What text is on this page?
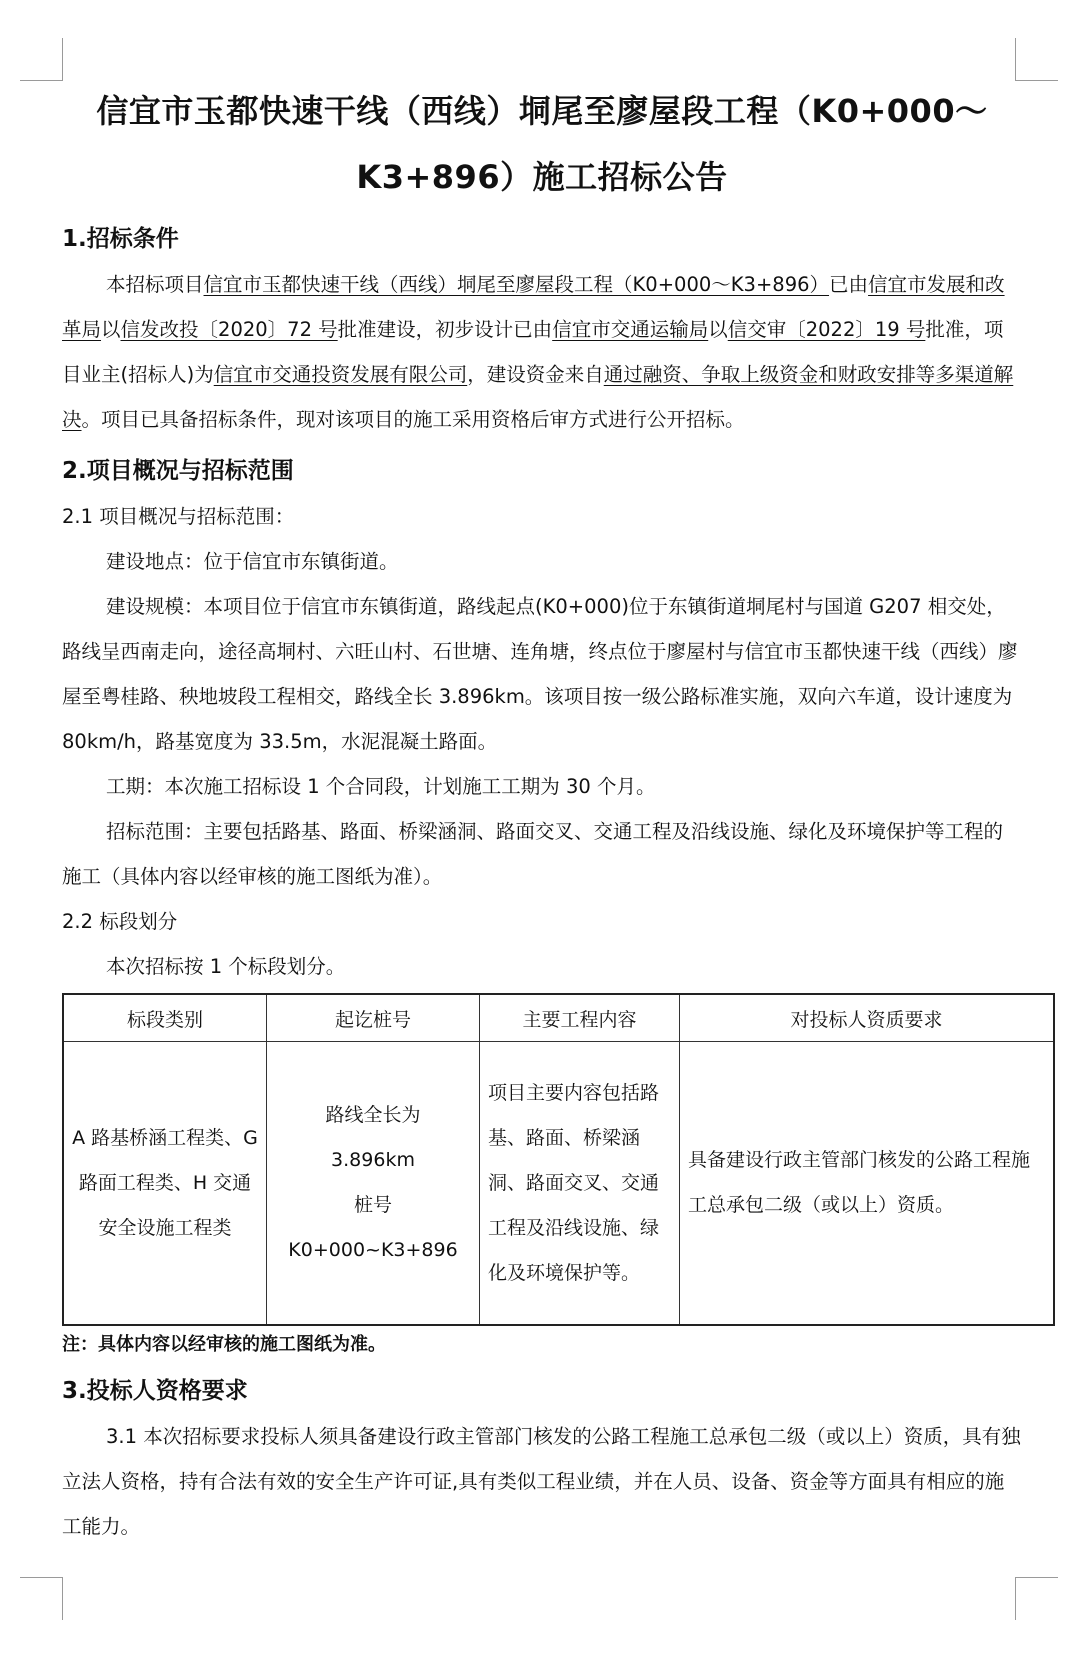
信宜市玉都快速干线（西线）垌尾至廖屋段工程（K0+000～
K3+896）施工招标公告
1.招标条件

本招标项目信宜市玉都快速干线（西线）垌尾至廖屋段工程（K0+000～K3+896）已由信宜市发展和改革局以信发改投〔2020〕72 号批准建设，初步设计已由信宜市交通运输局以信交审〔2022〕19 号批准，项目业主(招标人)为信宜市交通投资发展有限公司，建设资金来自通过融资、争取上级资金和财政安排等多渠道解决。项目已具备招标条件，现对该项目的施工采用资格后审方式进行公开招标。

2.项目概况与招标范围

2.1 项目概况与招标范围：

建设地点：位于信宜市东镇街道。

建设规模：本项目位于信宜市东镇街道，路线起点(K0+000)位于东镇街道垌尾村与国道 G207 相交处，路线呈西南走向，途径高垌村、六旺山村、石世塘、连角塘，终点位于廖屋村与信宜市玉都快速干线（西线）廖屋至粤桂路、秧地坡段工程相交，路线全长 3.896km。该项目按一级公路标准实施，双向六车道，设计速度为 80km/h，路基宽度为 33.5m，水泥混凝土路面。

工期：本次施工招标设 1 个合同段，计划施工工期为 30 个月。

招标范围：主要包括路基、路面、桥梁涵洞、路面交叉、交通工程及沿线设施、绿化及环境保护等工程的施工（具体内容以经审核的施工图纸为准）。

2.2 标段划分

本次招标按 1 个标段划分。

标段类别	起讫桩号	主要工程内容	对投标人资质要求
A 路基桥涵工程类、G 路面工程类、H 交通安全设施工程类	路线全长为
3.896km
桩号
K0+000~K3+896	项目主要内容包括路基、路面、桥梁涵洞、路面交叉、交通工程及沿线设施、绿化及环境保护等。	具备建设行政主管部门核发的公路工程施工总承包二级（或以上）资质。

注：具体内容以经审核的施工图纸为准。

3.投标人资格要求

3.1 本次招标要求投标人须具备建设行政主管部门核发的公路工程施工总承包二级（或以上）资质，具有独立法人资格，持有合法有效的安全生产许可证,具有类似工程业绩，并在人员、设备、资金等方面具有相应的施工能力。
